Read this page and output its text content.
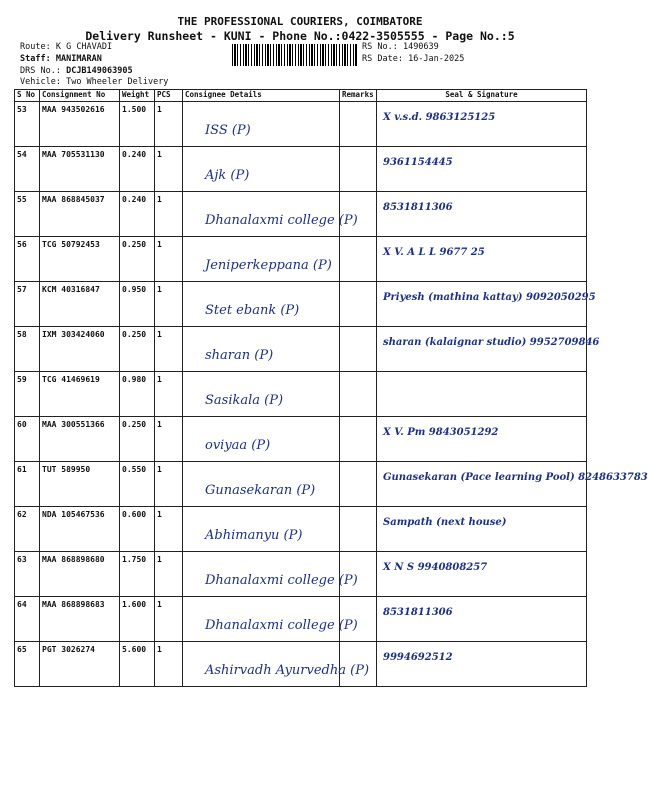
THE PROFESSIONAL COURIERS, COIMBATORE
Delivery Runsheet - KUNI - Phone No.:0422-3505555 - Page No.:5
Route: K G CHAVADI
Staff: MANIMARAN
DRS No.: DCJB149063905
Vehicle: Two Wheeler Delivery
RS No.: 1490639
RS Date: 16-Jan-2025
S No	Consignment No	Weight	PCS	Consignee Details	Remarks	Seal & Signature
53	MAA 943502616	1.500	1	ISS (P)		X v.s.d. 9863125125

54	MAA 705531130	0.240	1	Ajk (P)		9361154445

55	MAA 868845037	0.240	1	Dhanalaxmi college (P)		8531811306

56	TCG 50792453	0.250	1	Jeniperkeppana (P)		X V. A L L 9677 25

57	KCM 40316847	0.950	1	Stet ebank (P)		Priyesh (mathina kattay) 9092050295

58	IXM 303424060	0.250	1	sharan (P)		sharan (kalaignar studio) 9952709846

59	TCG 41469619	0.980	1	Sasikala (P)		

60	MAA 300551366	0.250	1	oviyaa (P)		X V. Pm 9843051292

61	TUT 589950	0.550	1	Gunasekaran (P)		Gunasekaran (Pace learning Pool) 8248633783

62	NDA 105467536	0.600	1	Abhimanyu (P)		Sampath (next house)

63	MAA 868898680	1.750	1	Dhanalaxmi college (P)		X N S 9940808257

64	MAA 868898683	1.600	1	Dhanalaxmi college (P)		8531811306

65	PGT 3026274	5.600	1	Ashirvadh Ayurvedha (P)		9994692512
